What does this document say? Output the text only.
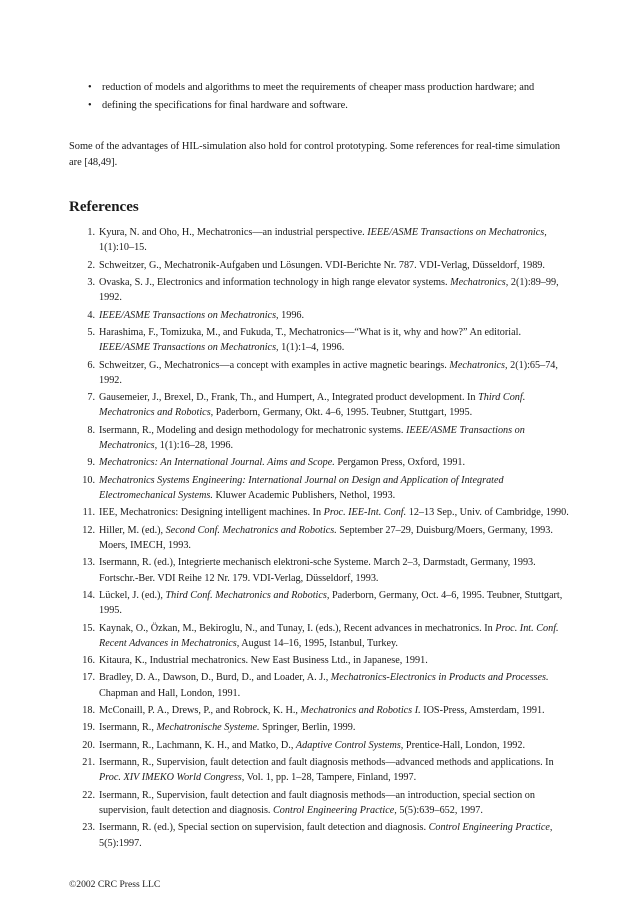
• reduction of models and algorithms to meet the requirements of cheaper mass production hardware; and
• defining the specifications for final hardware and software.
Some of the advantages of HIL-simulation also hold for control prototyping. Some references for real-time simulation are [48,49].
References
1. Kyura, N. and Oho, H., Mechatronics—an industrial perspective. IEEE/ASME Transactions on Mechatronics, 1(1):10–15.
2. Schweitzer, G., Mechatronik-Aufgaben und Lösungen. VDI-Berichte Nr. 787. VDI-Verlag, Düsseldorf, 1989.
3. Ovaska, S. J., Electronics and information technology in high range elevator systems. Mechatronics, 2(1):89–99, 1992.
4. IEEE/ASME Transactions on Mechatronics, 1996.
5. Harashima, F., Tomizuka, M., and Fukuda, T., Mechatronics—“What is it, why and how?” An editorial. IEEE/ASME Transactions on Mechatronics, 1(1):1–4, 1996.
6. Schweitzer, G., Mechatronics—a concept with examples in active magnetic bearings. Mechatronics, 2(1):65–74, 1992.
7. Gausemeier, J., Brexel, D., Frank, Th., and Humpert, A., Integrated product development. In Third Conf. Mechatronics and Robotics, Paderborn, Germany, Okt. 4–6, 1995. Teubner, Stuttgart, 1995.
8. Isermann, R., Modeling and design methodology for mechatronic systems. IEEE/ASME Transactions on Mechatronics, 1(1):16–28, 1996.
9. Mechatronics: An International Journal. Aims and Scope. Pergamon Press, Oxford, 1991.
10. Mechatronics Systems Engineering: International Journal on Design and Application of Integrated Electromechanical Systems. Kluwer Academic Publishers, Nethol, 1993.
11. IEE, Mechatronics: Designing intelligent machines. In Proc. IEE-Int. Conf. 12–13 Sep., Univ. of Cambridge, 1990.
12. Hiller, M. (ed.), Second Conf. Mechatronics and Robotics. September 27–29, Duisburg/Moers, Germany, 1993. Moers, IMECH, 1993.
13. Isermann, R. (ed.), Integrierte mechanisch elektroni-sche Systeme. March 2–3, Darmstadt, Germany, 1993. Fortschr.-Ber. VDI Reihe 12 Nr. 179. VDI-Verlag, Düsseldorf, 1993.
14. Lückel, J. (ed.), Third Conf. Mechatronics and Robotics, Paderborn, Germany, Oct. 4–6, 1995. Teubner, Stuttgart, 1995.
15. Kaynak, O., Özkan, M., Bekiroglu, N., and Tunay, I. (eds.), Recent advances in mechatronics. In Proc. Int. Conf. Recent Advances in Mechatronics, August 14–16, 1995, Istanbul, Turkey.
16. Kitaura, K., Industrial mechatronics. New East Business Ltd., in Japanese, 1991.
17. Bradley, D. A., Dawson, D., Burd, D., and Loader, A. J., Mechatronics-Electronics in Products and Processes. Chapman and Hall, London, 1991.
18. McConaill, P. A., Drews, P., and Robrock, K. H., Mechatronics and Robotics I. IOS-Press, Amsterdam, 1991.
19. Isermann, R., Mechatronische Systeme. Springer, Berlin, 1999.
20. Isermann, R., Lachmann, K. H., and Matko, D., Adaptive Control Systems, Prentice-Hall, London, 1992.
21. Isermann, R., Supervision, fault detection and fault diagnosis methods—advanced methods and applications. In Proc. XIV IMEKO World Congress, Vol. 1, pp. 1–28, Tampere, Finland, 1997.
22. Isermann, R., Supervision, fault detection and fault diagnosis methods—an introduction, special section on supervision, fault detection and diagnosis. Control Engineering Practice, 5(5):639–652, 1997.
23. Isermann, R. (ed.), Special section on supervision, fault detection and diagnosis. Control Engineering Practice, 5(5):1997.
©2002 CRC Press LLC
